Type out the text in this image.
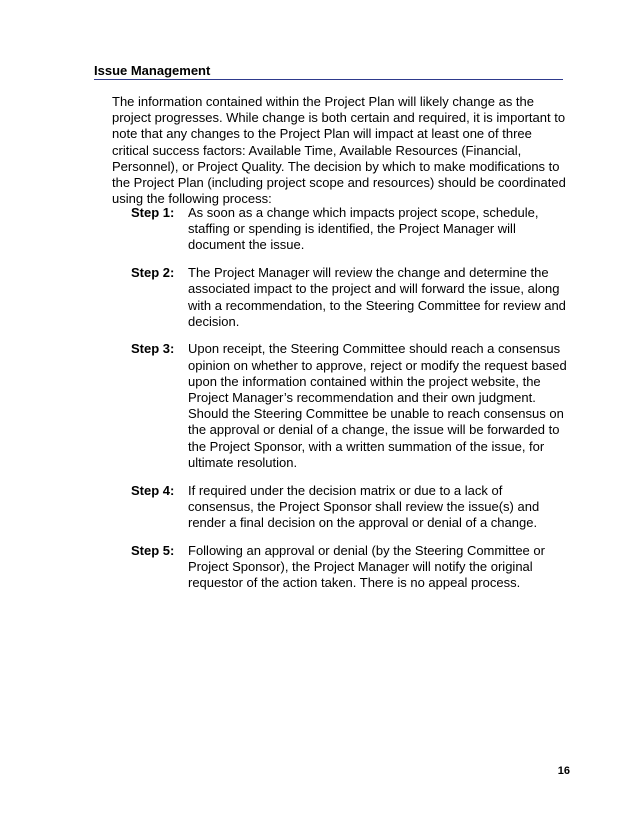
Issue Management

The information contained within the Project Plan will likely change as the project progresses. While change is both certain and required, it is important to note that any changes to the Project Plan will impact at least one of three critical success factors: Available Time, Available Resources (Financial, Personnel), or Project Quality. The decision by which to make modifications to the Project Plan (including project scope and resources) should be coordinated using the following process:

Step 1:	As soon as a change which impacts project scope, schedule, staffing or spending is identified, the Project Manager will document the issue.

Step 2:	The Project Manager will review the change and determine the associated impact to the project and will forward the issue, along with a recommendation, to the Steering Committee for review and decision.

Step 3:	Upon receipt, the Steering Committee should reach a consensus opinion on whether to approve, reject or modify the request based upon the information contained within the project website, the Project Manager’s recommendation and their own judgment. Should the Steering Committee be unable to reach consensus on the approval or denial of a change, the issue will be forwarded to the Project Sponsor, with a written summation of the issue, for ultimate resolution.

Step 4:	If required under the decision matrix or due to a lack of consensus, the Project Sponsor shall review the issue(s) and render a final decision on the approval or denial of a change.

Step 5:	Following an approval or denial (by the Steering Committee or Project Sponsor), the Project Manager will notify the original requestor of the action taken. There is no appeal process.

16
